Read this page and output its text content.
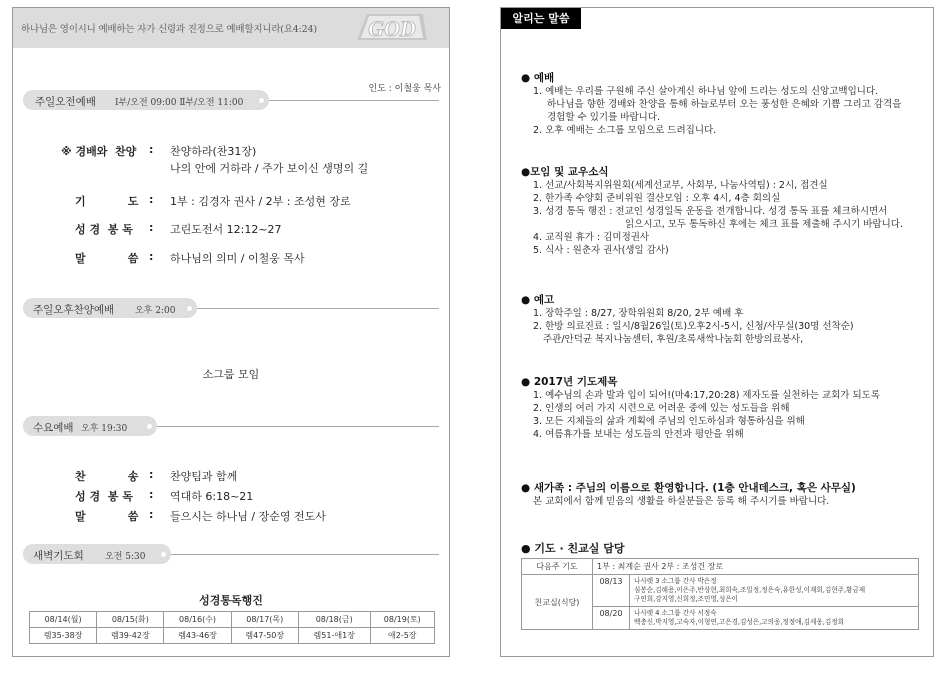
하나님은 영이시니 예배하는 자가 신령과 진정으로 예배할지니라(요4:24) GOD
인도 : 이철웅 목사
주일오전예배 Ⅰ부/오전 09:00 Ⅱ부/오전 11:00
※ 경배와  찬양 : 찬양하라(찬31장)
나의 안에 거하라 / 주가 보이신 생명의 길
기           도 : 1부 : 김경자 권사 / 2부 : 조성현 장로
성 경  봉 독 : 고린도전서 12:12~27
말           씀 : 하나님의 의미 / 이철웅 목사
주일오후찬양예배 오후 2:00
소그룹 모임
수요예배 오후 19:30
찬           송 : 찬양팀과 함께
성 경  봉 독 : 역대하 6:18~21
말           씀 : 들으시는 하나님 / 장순영 전도사
새벽기도회 오전 5:30
성경통독행진
08/14(월)	08/15(화)	08/16(수)	08/17(목)	08/18(금)	08/19(토)
렘35-38장	렘39-42장	렘43-46장	렘47-50장	렘51-애1장	애2-5장
알리는 말씀
● 예배
1. 예배는 우리를 구원해 주신 살아계신 하나님 앞에 드리는 성도의 신앙고백입니다.
하나님을 향한 경배와 찬양을 통해 하늘로부터 오는 풍성한 은혜와 기쁨 그리고 감격을
경험할 수 있기를 바랍니다.
2. 오후 예배는 소그룹 모임으로 드려집니다.
●모임 및 교우소식
1. 선교/사회복지위원회(세계선교부, 사회부, 나눔사역팀) : 2시, 접견실
2. 한가족 수양회 준비위원 결산모임 : 오후 4시, 4층 회의실
3. 성경 통독 행진 : 전교인 성경일독 운동을 전개합니다. 성경 통독 표를 체크하시면서
읽으시고, 모두 통독하신 후에는 체크 표를 제출해 주시기 바랍니다.
4. 교직원 휴가 : 김미정권사
5. 식사 : 원춘자 권사(생일 감사)
● 예고
1. 장학주일 : 8/27, 장학위원회 8/20, 2부 예배 후
2. 한방 의료진료 : 일시/8월26일(토)오후2시-5시, 신청/사무실(30명 선착순)
주관/안덕균 복지나눔센터, 후원/초록새싹나눔회 한방의료봉사,
● 2017년 기도제목
1. 예수님의 손과 발과 입이 되어!(마4:17,20:28) 제자도를 실천하는 교회가 되도록
2. 인생의 여러 가지 시련으로 어려운 중에 있는 성도들을 위해
3. 모든 지체들의 삶과 계획에 주님의 인도하심과 형통하심을 위해
4. 여름휴가를 보내는 성도들의 안전과 평안을 위해
● 새가족 : 주님의 이름으로 환영합니다. (1층 안내데스크, 혹은 사무실)
본 교회에서 함께 믿음의 생활을 하실분들은 등록 해 주시기를 바랍니다.
● 기도 · 친교실 담당
다음주 기도	1부 : 최계순 권사 2부 : 조성건 장로	
친교실(식당)	08/13	나사렛 3 소그룹 간사 박은정
심봉순,김해용,이은주,반상현,최희숙,조일정,정은숙,유한성,이재희,김현주,황금제
구연희,강지영,신희정,조민영,성은이

	08/20	나사렛 4 소그룹 간사 서정숙
백충신,박지영,고숙자,이형연,고은경,김성은,고의웅,정정애,김세웅,김정희
